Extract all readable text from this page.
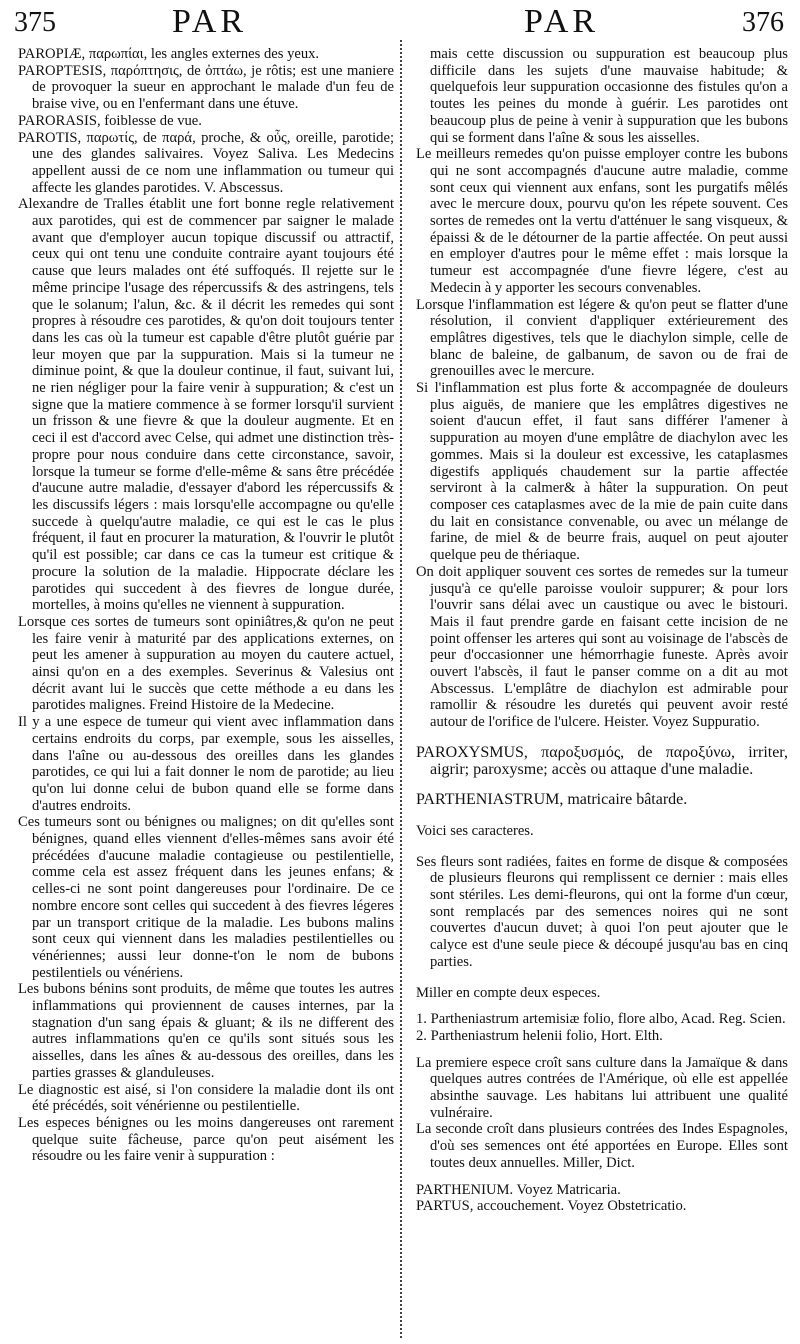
375	PAR	PAR	376

PAROPIÆ, παρωπίαι, les angles externes des yeux.

PAROPTESIS, παρόπτησις, de ὀπτάω, je rôtis; est une maniere de provoquer la sueur en approchant le malade d'un feu de braise vive, ou en l'enfermant dans une étuve.

PARORASIS, foiblesse de vue.

PAROTIS, παρωτίς, de παρά, proche, & οὖς, oreille, parotide; une des glandes salivaires. Voyez Saliva. Les Medecins appellent aussi de ce nom une inflammation ou tumeur qui affecte les glandes parotides. V. Abscessus.

Alexandre de Tralles établit une fort bonne regle relativement aux parotides, qui est de commencer par saigner le malade avant que d'employer aucun topique discussif ou attractif, ceux qui ont tenu une conduite contraire ayant toujours été cause que leurs malades ont été suffoqués. Il rejette sur le même principe l'usage des répercussifs & des astringens, tels que le solanum; l'alun, &c. & il décrit les remedes qui sont propres à résoudre ces parotides, & qu'on doit toujours tenter dans les cas où la tumeur est capable d'être plutôt guérie par leur moyen que par la suppuration. Mais si la tumeur ne diminue point, & que la douleur continue, il faut, suivant lui, ne rien négliger pour la faire venir à suppuration; & c'est un signe que la matiere commence à se former lorsqu'il survient un frisson & une fievre & que la douleur augmente. Et en ceci il est d'accord avec Celse, qui admet une distinction très-propre pour nous conduire dans cette circonstance, savoir, lorsque la tumeur se forme d'elle-même & sans être précédée d'aucune autre maladie, d'essayer d'abord les répercussifs & les discussifs légers : mais lorsqu'elle accompagne ou qu'elle succede à quelqu'autre maladie, ce qui est le cas le plus fréquent, il faut en procurer la maturation, & l'ouvrir le plutôt qu'il est possible; car dans ce cas la tumeur est critique & procure la solution de la maladie. Hippocrate déclare les parotides qui succedent à des fievres de longue durée, mortelles, à moins qu'elles ne viennent à suppuration.

Lorsque ces sortes de tumeurs sont opiniâtres,& qu'on ne peut les faire venir à maturité par des applications externes, on peut les amener à suppuration au moyen du cautere actuel, ainsi qu'on en a des exemples. Severinus & Valesius ont décrit avant lui le succès que cette méthode a eu dans les parotides malignes. Freind Histoire de la Medecine.

Il y a une espece de tumeur qui vient avec inflammation dans certains endroits du corps, par exemple, sous les aisselles, dans l'aîne ou au-dessous des oreilles dans les glandes parotides, ce qui lui a fait donner le nom de parotide; au lieu qu'on lui donne celui de bubon quand elle se forme dans d'autres endroits.

Ces tumeurs sont ou bénignes ou malignes; on dit qu'elles sont bénignes, quand elles viennent d'elles-mêmes sans avoir été précédées d'aucune maladie contagieuse ou pestilentielle, comme cela est assez fréquent dans les jeunes enfans; & celles-ci ne sont point dangereuses pour l'ordinaire. De ce nombre encore sont celles qui succedent à des fievres légeres par un transport critique de la maladie. Les bubons malins sont ceux qui viennent dans les maladies pestilentielles ou vénériennes; aussi leur donne-t'on le nom de bubons pestilentiels ou vénériens.

Les bubons bénins sont produits, de même que toutes les autres inflammations qui proviennent de causes internes, par la stagnation d'un sang épais & gluant; & ils ne different des autres inflammations qu'en ce qu'ils sont situés sous les aisselles, dans les aînes & au-dessous des oreilles, dans les parties grasses & glanduleuses.

Le diagnostic est aisé, si l'on considere la maladie dont ils ont été précédés, soit vénérienne ou pestilentielle.

Les especes bénignes ou les moins dangereuses ont rarement quelque suite fâcheuse, parce qu'on peut aisément les résoudre ou les faire venir à suppuration :

mais cette discussion ou suppuration est beaucoup plus difficile dans les sujets d'une mauvaise habitude; & quelquefois leur suppuration occasionne des fistules qu'on a toutes les peines du monde à guérir. Les parotides ont beaucoup plus de peine à venir à suppuration que les bubons qui se forment dans l'aîne & sous les aisselles.

Le meilleurs remedes qu'on puisse employer contre les bubons qui ne sont accompagnés d'aucune autre maladie, comme sont ceux qui viennent aux enfans, sont les purgatifs mêlés avec le mercure doux, pourvu qu'on les répete souvent. Ces sortes de remedes ont la vertu d'atténuer le sang visqueux, & épaissi & de le détourner de la partie affectée. On peut aussi en employer d'autres pour le même effet : mais lorsque la tumeur est accompagnée d'une fievre légere, c'est au Medecin à y apporter les secours convenables.

Lorsque l'inflammation est légere & qu'on peut se flatter d'une résolution, il convient d'appliquer extérieurement des emplâtres digestives, tels que le diachylon simple, celle de blanc de baleine, de galbanum, de savon ou de frai de grenouilles avec le mercure.

Si l'inflammation est plus forte & accompagnée de douleurs plus aiguës, de maniere que les emplâtres digestives ne soient d'aucun effet, il faut sans différer l'amener à suppuration au moyen d'une emplâtre de diachylon avec les gommes. Mais si la douleur est excessive, les cataplasmes digestifs appliqués chaudement sur la partie affectée serviront à la calmer& à hâter la suppuration. On peut composer ces cataplasmes avec de la mie de pain cuite dans du lait en consistance convenable, ou avec un mélange de farine, de miel & de beurre frais, auquel on peut ajouter quelque peu de thériaque.

On doit appliquer souvent ces sortes de remedes sur la tumeur jusqu'à ce qu'elle paroisse vouloir suppurer; & pour lors l'ouvrir sans délai avec un caustique ou avec le bistouri. Mais il faut prendre garde en faisant cette incision de ne point offenser les arteres qui sont au voisinage de l'abscès de peur d'occasionner une hémorrhagie funeste. Après avoir ouvert l'abscès, il faut le panser comme on a dit au mot Abscessus. L'emplâtre de diachylon est admirable pour ramollir & résoudre les duretés qui peuvent avoir resté autour de l'orifice de l'ulcere. Heister. Voyez Suppuratio.

PAROXYSMUS, παροξυσμός, de παροξύνω, irriter, aigrir; paroxysme; accès ou attaque d'une maladie.

PARTHENIASTRUM, matricaire bâtarde.

Voici ses caracteres.

Ses fleurs sont radiées, faites en forme de disque & composées de plusieurs fleurons qui remplissent ce dernier : mais elles sont stériles. Les demi-fleurons, qui ont la forme d'un cœur, sont remplacés par des semences noires qui ne sont couvertes d'aucun duvet; à quoi l'on peut ajouter que le calyce est d'une seule piece & découpé jusqu'au bas en cinq parties.

Miller en compte deux especes.

1. Partheniastrum artemisiæ folio, flore albo, Acad. Reg. Scien.

2. Partheniastrum helenii folio, Hort. Elth.

La premiere espece croît sans culture dans la Jamaïque & dans quelques autres contrées de l'Amérique, où elle est appellée absinthe sauvage. Les habitans lui attribuent une qualité vulnéraire.

La seconde croît dans plusieurs contrées des Indes Espagnoles, d'où ses semences ont été apportées en Europe. Elles sont toutes deux annuelles. Miller, Dict.

PARTHENIUM. Voyez Matricaria.

PARTUS, accouchement. Voyez Obstetricatio.
